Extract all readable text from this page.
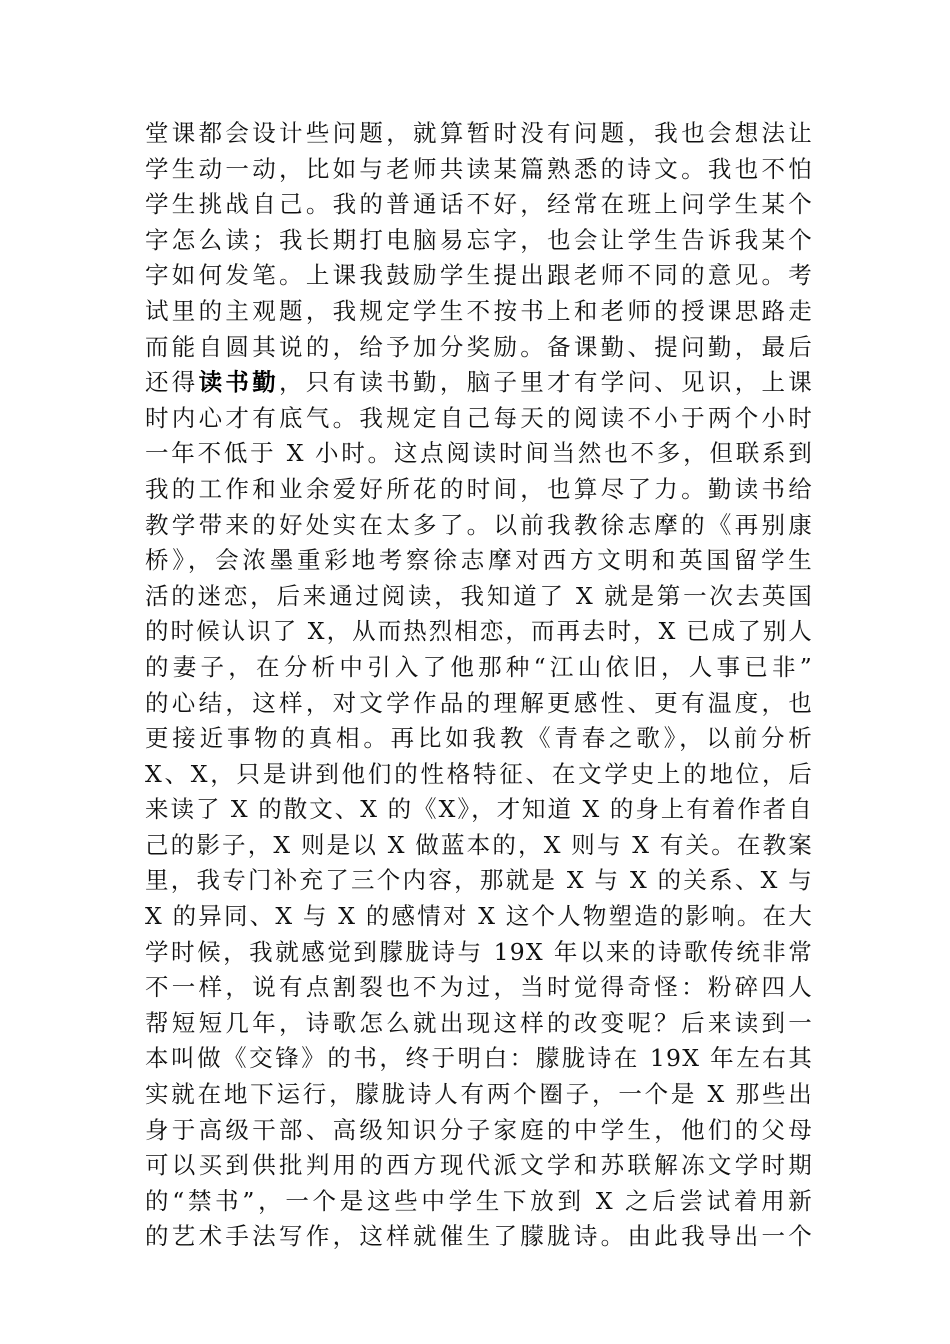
堂课都会设计些问题，就算暂时没有问题，我也会想法让
学生动一动，比如与老师共读某篇熟悉的诗文。我也不怕
学生挑战自己。我的普通话不好，经常在班上问学生某个
字怎么读；我长期打电脑易忘字，也会让学生告诉我某个
字如何发笔。上课我鼓励学生提出跟老师不同的意见。考
试里的主观题，我规定学生不按书上和老师的授课思路走
而能自圆其说的，给予加分奖励。备课勤、提问勤，最后
还得读书勤，只有读书勤，脑子里才有学问、见识，上课
时内心才有底气。我规定自己每天的阅读不小于两个小时
一年不低于 X 小时。这点阅读时间当然也不多，但联系到
我的工作和业余爱好所花的时间，也算尽了力。勤读书给
教学带来的好处实在太多了。以前我教徐志摩的《再别康
桥》，会浓墨重彩地考察徐志摩对西方文明和英国留学生
活的迷恋，后来通过阅读，我知道了 X 就是第一次去英国
的时候认识了 X，从而热烈相恋，而再去时，X 已成了别人
的妻子，在分析中引入了他那种“江山依旧，人事已非”
的心结，这样，对文学作品的理解更感性、更有温度，也
更接近事物的真相。再比如我教《青春之歌》，以前分析
X、X，只是讲到他们的性格特征、在文学史上的地位，后
来读了 X 的散文、X 的《X》，才知道 X 的身上有着作者自
己的影子，X 则是以 X 做蓝本的，X 则与 X 有关。在教案
里，我专门补充了三个内容，那就是 X 与 X 的关系、X 与
X 的异同、X 与 X 的感情对 X 这个人物塑造的影响。在大
学时候，我就感觉到朦胧诗与 19X 年以来的诗歌传统非常
不一样，说有点割裂也不为过，当时觉得奇怪：粉碎四人
帮短短几年，诗歌怎么就出现这样的改变呢？后来读到一
本叫做《交锋》的书，终于明白：朦胧诗在 19X 年左右其
实就在地下运行，朦胧诗人有两个圈子，一个是 X 那些出
身于高级干部、高级知识分子家庭的中学生，他们的父母
可以买到供批判用的西方现代派文学和苏联解冻文学时期
的“禁书”，一个是这些中学生下放到 X 之后尝试着用新
的艺术手法写作，这样就催生了朦胧诗。由此我导出一个
